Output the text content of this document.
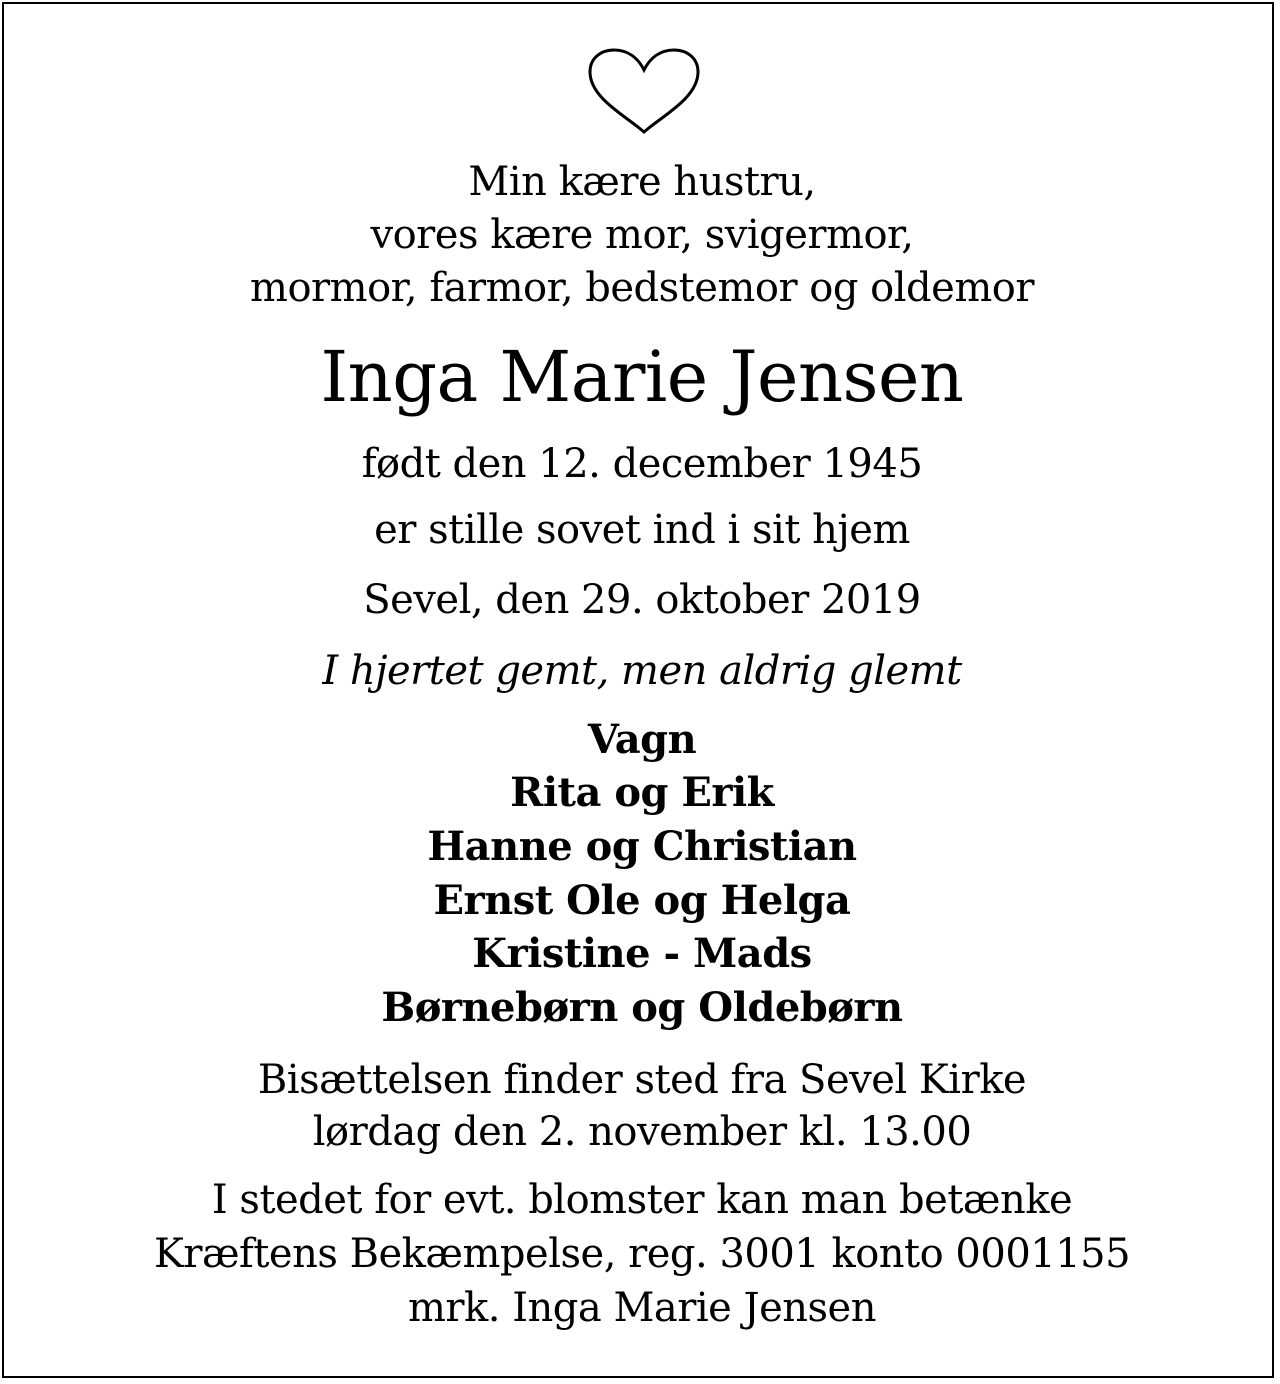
Min kære hustru,
vores kære mor, svigermor,
mormor, farmor, bedstemor og oldemor
Inga Marie Jensen
født den 12. december 1945
er stille sovet ind i sit hjem
Sevel, den 29. oktober 2019
I hjertet gemt, men aldrig glemt
Vagn
Rita og Erik
Hanne og Christian
Ernst Ole og Helga
Kristine - Mads
Børnebørn og Oldebørn
Bisættelsen finder sted fra Sevel Kirke
lørdag den 2. november kl. 13.00
I stedet for evt. blomster kan man betænke
Kræftens Bekæmpelse, reg. 3001 konto 0001155
mrk. Inga Marie Jensen
